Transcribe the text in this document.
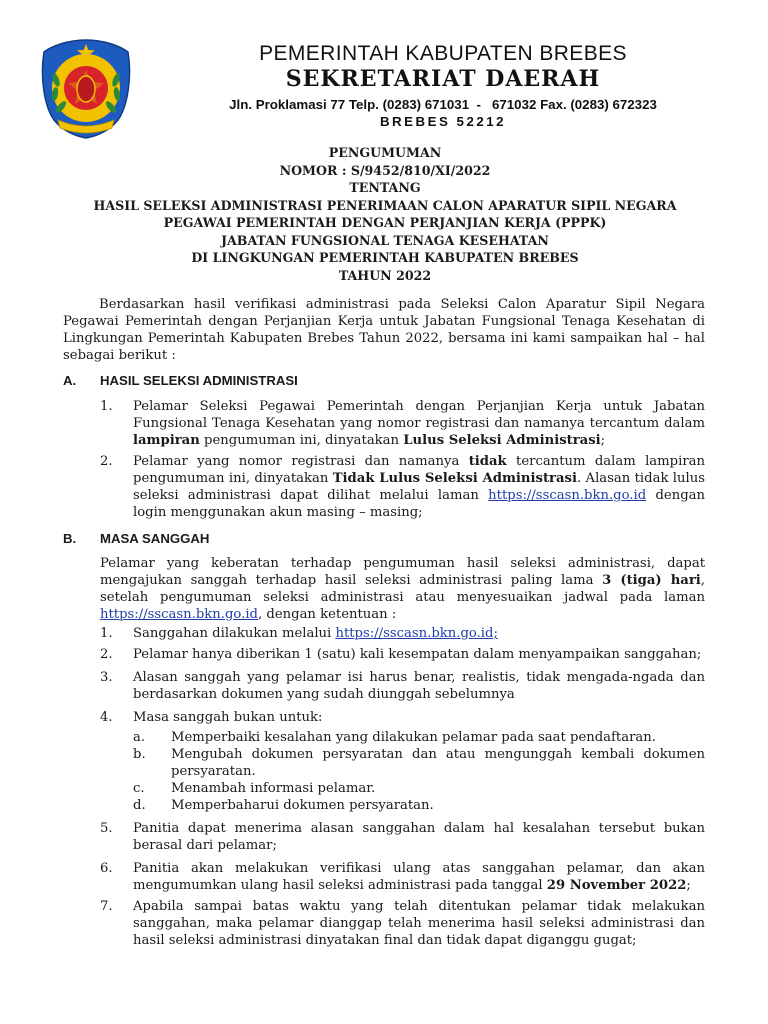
PEMERINTAH KABUPATEN BREBES
SEKRETARIAT DAERAH
Jln. Proklamasi 77 Telp. (0283) 671031  -   671032 Fax. (0283) 672323
BREBES 52212
PENGUMUMAN
NOMOR : S/9452/810/XI/2022
TENTANG
HASIL SELEKSI ADMINISTRASI PENERIMAAN CALON APARATUR SIPIL NEGARA
PEGAWAI PEMERINTAH DENGAN PERJANJIAN KERJA (PPPK)
JABATAN FUNGSIONAL TENAGA KESEHATAN
DI LINGKUNGAN PEMERINTAH KABUPATEN BREBES
TAHUN 2022

Berdasarkan hasil verifikasi administrasi pada Seleksi Calon Aparatur Sipil Negara Pegawai Pemerintah dengan Perjanjian Kerja untuk Jabatan Fungsional Tenaga Kesehatan di Lingkungan Pemerintah Kabupaten Brebes Tahun 2022, bersama ini kami sampaikan hal – hal sebagai berikut :

A. HASIL SELEKSI ADMINISTRASI
1. Pelamar Seleksi Pegawai Pemerintah dengan Perjanjian Kerja untuk Jabatan Fungsional Tenaga Kesehatan yang nomor registrasi dan namanya tercantum dalam lampiran pengumuman ini, dinyatakan Lulus Seleksi Administrasi;
2. Pelamar yang nomor registrasi dan namanya tidak tercantum dalam lampiran pengumuman ini, dinyatakan Tidak Lulus Seleksi Administrasi. Alasan tidak lulus seleksi administrasi dapat dilihat melalui laman https://sscasn.bkn.go.id dengan login menggunakan akun masing – masing;
B. MASA SANGGAH

Pelamar yang keberatan terhadap pengumuman hasil seleksi administrasi, dapat mengajukan sanggah terhadap hasil seleksi administrasi paling lama 3 (tiga) hari, setelah pengumuman seleksi administrasi atau menyesuaikan jadwal pada laman https://sscasn.bkn.go.id, dengan ketentuan :

1. Sanggahan dilakukan melalui https://sscasn.bkn.go.id;
2. Pelamar hanya diberikan 1 (satu) kali kesempatan dalam menyampaikan sanggahan;
3. Alasan sanggah yang pelamar isi harus benar, realistis, tidak mengada-ngada dan berdasarkan dokumen yang sudah diunggah sebelumnya
4. Masa sanggah bukan untuk:
a. Memperbaiki kesalahan yang dilakukan pelamar pada saat pendaftaran.
b. Mengubah dokumen persyaratan dan atau mengunggah kembali dokumen persyaratan.
c. Menambah informasi pelamar.
d. Memperbaharui dokumen persyaratan.
5. Panitia dapat menerima alasan sanggahan dalam hal kesalahan tersebut bukan berasal dari pelamar;
6. Panitia akan melakukan verifikasi ulang atas sanggahan pelamar, dan akan mengumumkan ulang hasil seleksi administrasi pada tanggal 29 November 2022;
7. Apabila sampai batas waktu yang telah ditentukan pelamar tidak melakukan sanggahan, maka pelamar dianggap telah menerima hasil seleksi administrasi dan hasil seleksi administrasi dinyatakan final dan tidak dapat diganggu gugat;
